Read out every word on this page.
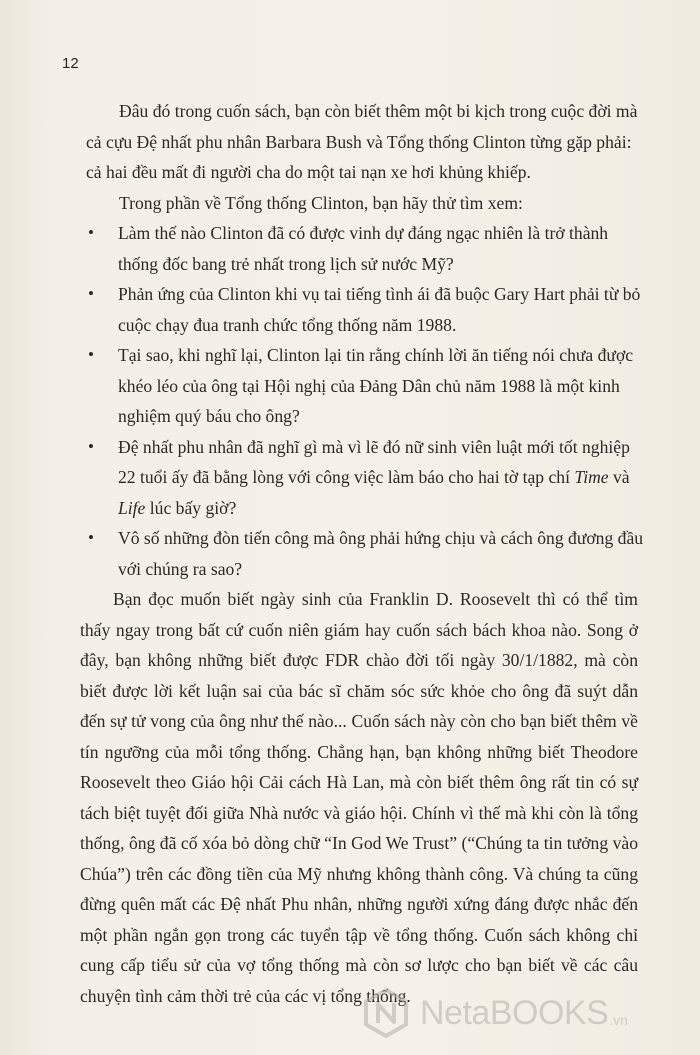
12

Đâu đó trong cuốn sách, bạn còn biết thêm một bi kịch trong cuộc đời mà cả cựu Đệ nhất phu nhân Barbara Bush và Tổng thống Clinton từng gặp phải: cả hai đều mất đi người cha do một tai nạn xe hơi khủng khiếp.

Trong phần về Tổng thống Clinton, bạn hãy thử tìm xem:

• Làm thế nào Clinton đã có được vinh dự đáng ngạc nhiên là trở thành thống đốc bang trẻ nhất trong lịch sử nước Mỹ?
• Phản ứng của Clinton khi vụ tai tiếng tình ái đã buộc Gary Hart phải từ bỏ cuộc chạy đua tranh chức tổng thống năm 1988.
• Tại sao, khi nghĩ lại, Clinton lại tin rằng chính lời ăn tiếng nói chưa được khéo léo của ông tại Hội nghị của Đảng Dân chủ năm 1988 là một kinh nghiệm quý báu cho ông?
• Đệ nhất phu nhân đã nghĩ gì mà vì lẽ đó nữ sinh viên luật mới tốt nghiệp 22 tuổi ấy đã bằng lòng với công việc làm báo cho hai tờ tạp chí Time và Life lúc bấy giờ?
• Vô số những đòn tiến công mà ông phải hứng chịu và cách ông đương đầu với chúng ra sao?

Bạn đọc muốn biết ngày sinh của Franklin D. Roosevelt thì có thể tìm thấy ngay trong bất cứ cuốn niên giám hay cuốn sách bách khoa nào. Song ở đây, bạn không những biết được FDR chào đời tối ngày 30/1/1882, mà còn biết được lời kết luận sai của bác sĩ chăm sóc sức khỏe cho ông đã suýt dẫn đến sự tử vong của ông như thế nào... Cuốn sách này còn cho bạn biết thêm về tín ngưỡng của mỗi tổng thống. Chẳng hạn, bạn không những biết Theodore Roosevelt theo Giáo hội Cải cách Hà Lan, mà còn biết thêm ông rất tin có sự tách biệt tuyệt đối giữa Nhà nước và giáo hội. Chính vì thế mà khi còn là tổng thống, ông đã cố xóa bỏ dòng chữ “In God We Trust” (“Chúng ta tin tưởng vào Chúa”) trên các đồng tiền của Mỹ nhưng không thành công. Và chúng ta cũng đừng quên mất các Đệ nhất Phu nhân, những người xứng đáng được nhắc đến một phần ngắn gọn trong các tuyển tập về tổng thống. Cuốn sách không chỉ cung cấp tiểu sử của vợ tổng thống mà còn sơ lược cho bạn biết về các câu chuyện tình cảm thời trẻ của các vị tổng thống. NetaBOOKS .vn
